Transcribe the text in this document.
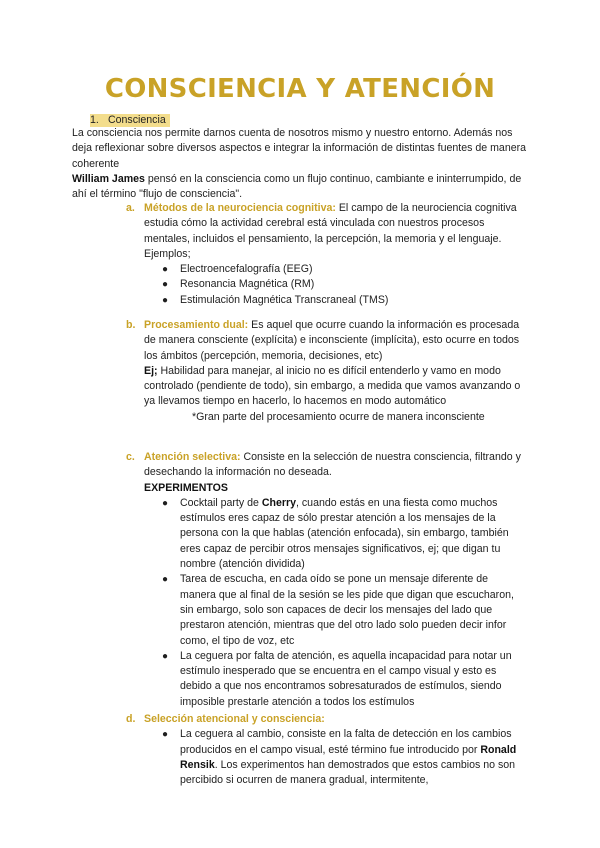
CONSCIENCIA Y ATENCIÓN
1. Consciencia

La consciencia nos permite darnos cuenta de nosotros mismo y nuestro entorno. Además nos deja reflexionar sobre diversos aspectos e integrar la información de distintas fuentes de manera coherente

William James pensó en la consciencia como un flujo continuo, cambiante e ininterrumpido, de ahí el término "flujo de consciencia".

a. Métodos de la neurociencia cognitiva: El campo de la neurociencia cognitiva estudia cómo la actividad cerebral está vinculada con nuestros procesos mentales, incluidos el pensamiento, la percepción, la memoria y el lenguaje. Ejemplos;

● Electroencefalografía (EEG)
● Resonancia Magnética (RM)
● Estimulación Magnética Transcraneal (TMS)
b. Procesamiento dual: Es aquel que ocurre cuando la información es procesada de manera consciente (explícita) e inconsciente (implícita), esto ocurre en todos los ámbitos (percepción, memoria, decisiones, etc)

Ej; Habilidad para manejar, al inicio no es difícil entenderlo y vamo en modo controlado (pendiente de todo), sin embargo, a medida que vamos avanzando o ya llevamos tiempo en hacerlo, lo hacemos en modo automático

*Gran parte del procesamiento ocurre de manera inconsciente

c. Atención selectiva: Consiste en la selección de nuestra consciencia, filtrando y desechando la información no deseada.

EXPERIMENTOS

● Cocktail party de Cherry, cuando estás en una fiesta como muchos estímulos eres capaz de sólo prestar atención a los mensajes de la persona con la que hablas (atención enfocada), sin embargo, también eres capaz de percibir otros mensajes significativos, ej; que digan tu nombre (atención dividida)
● Tarea de escucha, en cada oído se pone un mensaje diferente de manera que al final de la sesión se les pide que digan que escucharon, sin embargo, solo son capaces de decir los mensajes del lado que prestaron atención, mientras que del otro lado solo pueden decir infor como, el tipo de voz, etc
● La ceguera por falta de atención, es aquella incapacidad para notar un estímulo inesperado que se encuentra en el campo visual y esto es debido a que nos encontramos sobresaturados de estímulos, siendo imposible prestarle atención a todos los estímulos
d. Selección atencional y consciencia:

● La ceguera al cambio, consiste en la falta de detección en los cambios producidos en el campo visual, esté término fue introducido por Ronald Rensik. Los experimentos han demostrados que estos cambios no son percibido si ocurren de manera gradual, intermitente,
